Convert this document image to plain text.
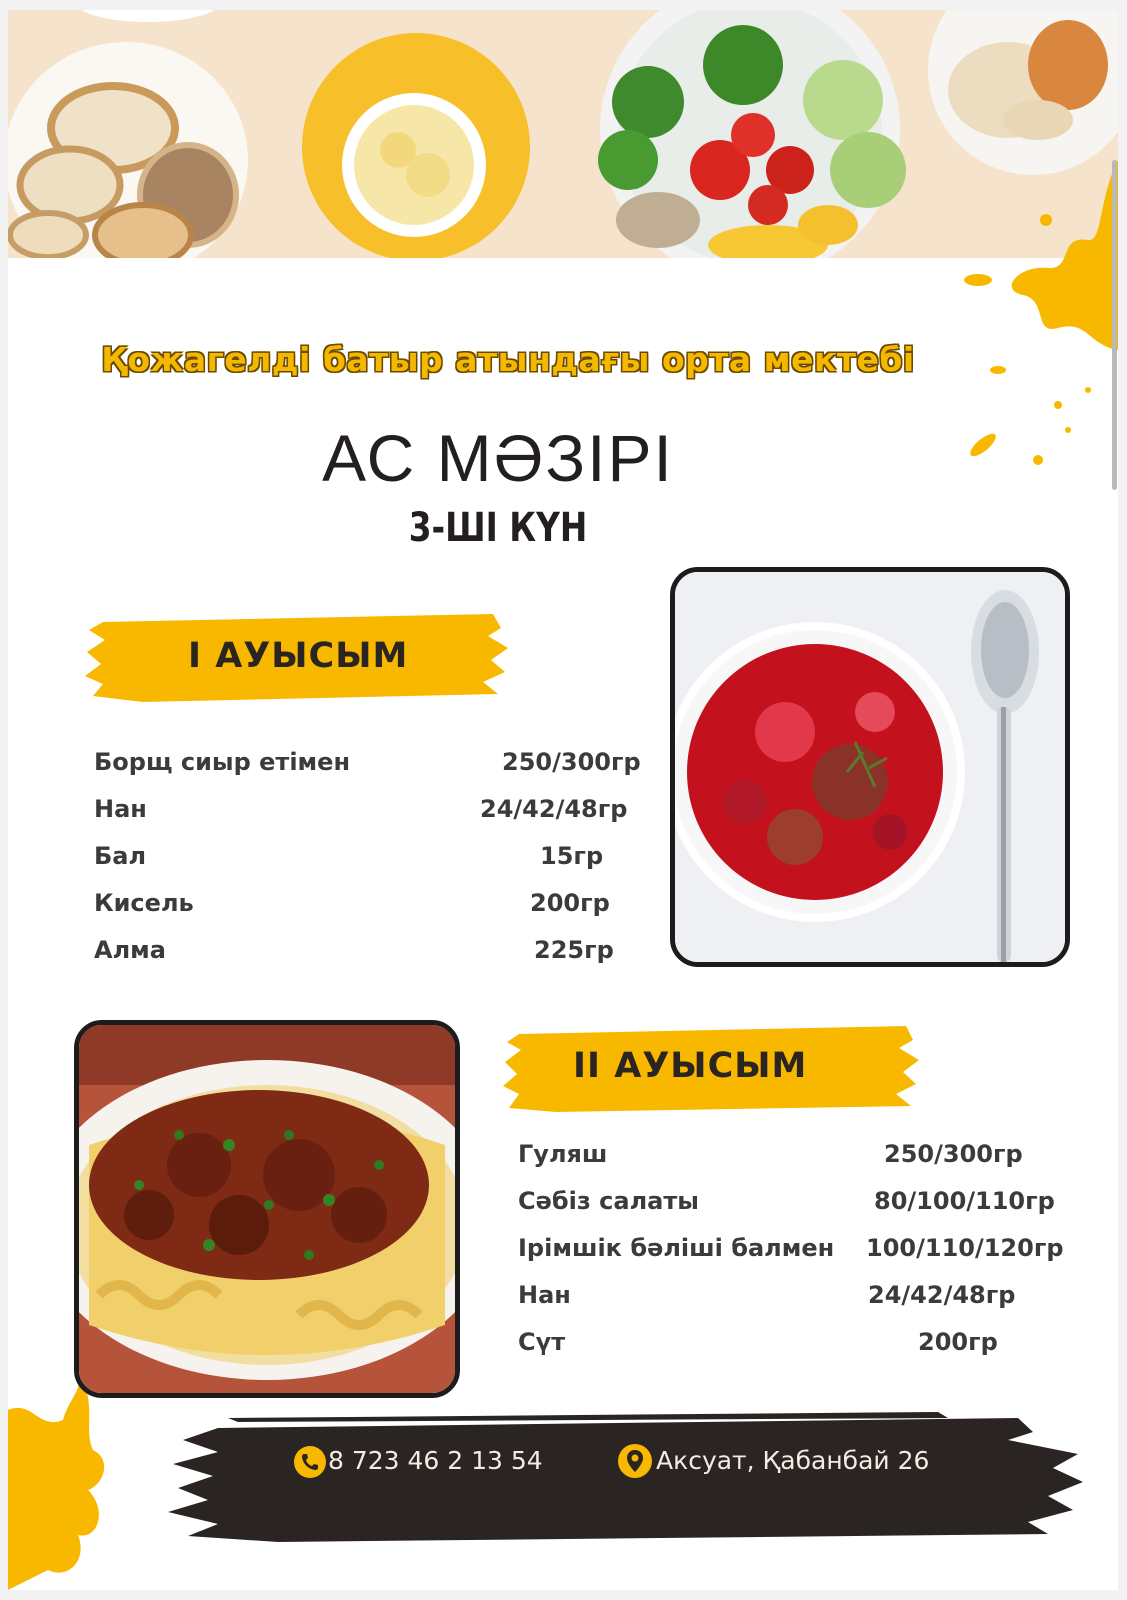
Қожагелді батыр атындағы орта мектебі
АС МӘЗІРІ
3-ШІ КҮН
І АУЫСЫМ
Борщ сиыр етімен	250/300гр
Нан	24/42/48гр
Бал	15гр
Кисель	200гр
Алма	225гр
ІІ АУЫСЫМ
Гуляш	250/300гр
Сәбіз салаты	80/100/110гр
Ірімшік бәліші балмен 100/110/120гр
Нан	24/42/48гр
Сүт	200гр
8 723 46 2 13 54	Аксуат, Қабанбай 26
